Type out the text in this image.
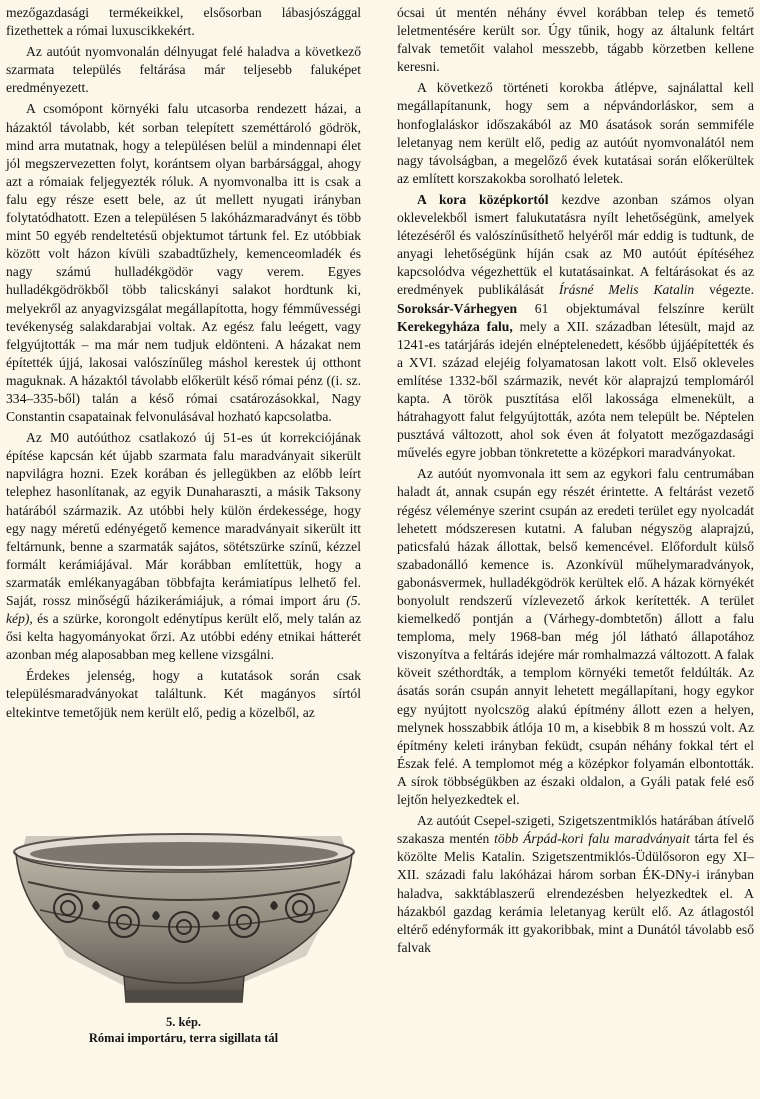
mezőgazdasági termékeikkel, elsősorban lábasjószággal fizethettek a római luxuscikkekért.

Az autóút nyomvonalán délnyugat felé haladva a következő szarmata település feltárása már teljesebb faluképet eredményezett.

A csomópont környéki falu utcasorba rendezett házai, a házaktól távolabb, két sorban telepített szeméttároló gödrök, mind arra mutatnak, hogy a településen belül a mindennapi élet jól megszervezetten folyt, korántsem olyan barbársággal, ahogy azt a rómaiak feljegyezték róluk. A nyomvonalba itt is csak a falu egy része esett bele, az út mellett nyugati irányban folytatódhatott. Ezen a településen 5 lakóházmaradványt és több mint 50 egyéb rendeltetésű objektumot tártunk fel. Ez utóbbiak között volt házon kívüli szabadtűzhely, kemenceomladék és nagy számú hulladékgödör vagy verem. Egyes hulladékgödrökből több talicskányi salakot hordtunk ki, melyekről az anyagvizsgálat megállapította, hogy fémművességi tevékenység salakdarabjai voltak. Az egész falu leégett, vagy felgyújtották – ma már nem tudjuk eldönteni. A házakat nem építették újjá, lakosai valószínűleg máshol kerestek új otthont maguknak. A házaktól távolabb előkerült késő római pénz ((i. sz. 334–335-ből) talán a késő római csatározásokkal, Nagy Constantin csapatainak felvonulásával hozható kapcsolatba.

Az M0 autóúthoz csatlakozó új 51-es út korrekciójának építése kapcsán két újabb szarmata falu maradványait sikerült napvilágra hozni. Ezek korában és jellegükben az előbb leírt telephez hasonlítanak, az egyik Dunaharaszti, a másik Taksony határából származik. Az utóbbi hely külön érdekessége, hogy egy nagy méretű edényégető kemence maradványait sikerült itt feltárnunk, benne a szarmaták sajátos, sötétszürke színű, kézzel formált kerámiájával. Már korábban említettük, hogy a szarmaták emlékanyagában többfajta kerámiatípus lelhető fel. Saját, rossz minőségű házikerámiájuk, a római import áru (5. kép), és a szürke, korongolt edénytípus került elő, mely talán az ősi kelta hagyományokat őrzi. Az utóbbi edény etnikai hátterét azonban még alaposabban meg kellene vizsgálni.

Érdekes jelenség, hogy a kutatások során csak településmaradványokat találtunk. Két magányos sírtól eltekintve temetőjük nem került elő, pedig a közelből, az

5. kép.
Római importáru, terra sigillata tál

ócsai út mentén néhány évvel korábban telep és temető leletmentésére került sor. Úgy tűnik, hogy az általunk feltárt falvak temetőit valahol messzebb, tágabb körzetben kellene keresni.

A következő történeti korokba átlépve, sajnálattal kell megállapítanunk, hogy sem a népvándorláskor, sem a honfoglaláskor időszakából az M0 ásatások során semmiféle leletanyag nem került elő, pedig az autóút nyomvonalától nem nagy távolságban, a megelőző évek kutatásai során előkerültek az említett korszakokba sorolható leletek.

A kora középkortól kezdve azonban számos olyan oklevelekből ismert falukutatásra nyílt lehetőségünk, amelyek létezéséről és valószínűsíthető helyéről már eddig is tudtunk, de anyagi lehetőségünk híján csak az M0 autóút építéséhez kapcsolódva végezhettük el kutatásainkat. A feltárásokat és az eredmények publikálását Írásné Melis Katalin végezte. Soroksár-Várhegyen 61 objektumával felszínre került Kerekegyháza falu, mely a XII. században létesült, majd az 1241-es tatárjárás idején elnéptelenedett, később újjáépítették és a XVI. század elejéig folyamatosan lakott volt. Első okleveles említése 1332-ből származik, nevét kör alaprajzú templomáról kapta. A török pusztítása elől lakossága elmenekült, a hátrahagyott falut felgyújtották, azóta nem települt be. Néptelen pusztává változott, ahol sok éven át folyatott mezőgazdasági művelés egyre jobban tönkretette a középkori maradványokat.

Az autóút nyomvonala itt sem az egykori falu centrumában haladt át, annak csupán egy részét érintette. A feltárást vezető régész véleménye szerint csupán az eredeti terület egy nyolcadát lehetett módszeresen kutatni. A faluban négyszög alaprajzú, paticsfalú házak állottak, belső kemencével. Előfordult külső szabadonálló kemence is. Azonkívül műhelymaradványok, gabonásvermek, hulladékgödrök kerültek elő. A házak környékét bonyolult rendszerű vízlevezető árkok kerítették. A terület kiemelkedő pontján a (Várhegy-dombtetőn) állott a falu temploma, mely 1968-ban még jól látható állapotához viszonyítva a feltárás idejére már romhalmazzá változott. A falak köveit széthordták, a templom környéki temetőt feldúlták. Az ásatás során csupán annyit lehetett megállapítani, hogy egykor egy nyújtott nyolcszög alakú építmény állott ezen a helyen, melynek hosszabbik átlója 10 m, a kisebbik 8 m hosszú volt. Az építmény keleti irányban feküdt, csupán néhány fokkal tért el Észak felé. A templomot még a középkor folyamán elbontották. A sírok többségükben az északi oldalon, a Gyáli patak felé eső lejtőn helyezkedtek el.

Az autóút Csepel-szigeti, Szigetszentmiklós határában átívelő szakasza mentén több Árpád-kori falu maradványait tárta fel és közölte Melis Katalin. Szigetszentmiklós-Üdülősoron egy XI–XII. századi falu lakóházai három sorban ÉK-DNy-i irányban haladva, sakktáblaszerű elrendezésben helyezkedtek el. A házakból gazdag kerámia leletanyag került elő. Az átlagostól eltérő edényformák itt gyakoribbak, mint a Dunától távolabb eső falvak
